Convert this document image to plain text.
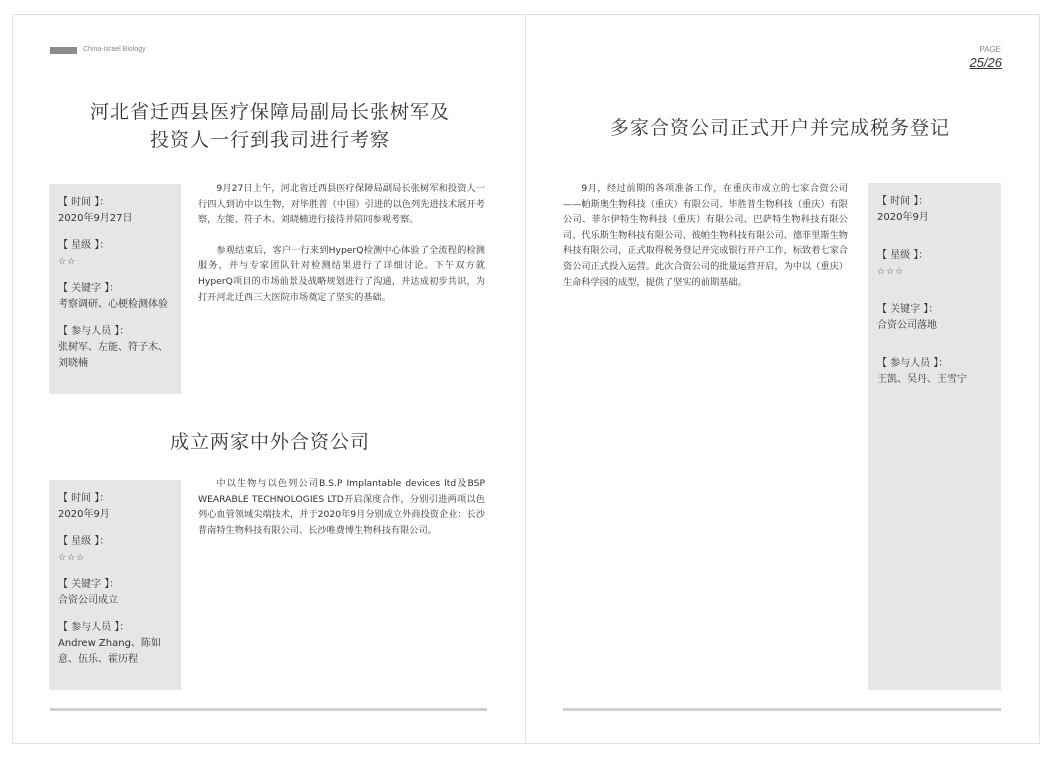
China-Israel Biology	PAGE
25/26
河北省迁西县医疗保障局副局长张树军及
投资人一行到我司进行考察
【 时间 】：
2020年9月27日
【 星级 】：
☆☆
【 关键字 】：
考察调研、心梗检测体验
【 参与人员 】：
张树军、左能、符子木、刘晓楠

9月27日上午，河北省迁西县医疗保障局副局长张树军和投资人一行四人到访中以生物，对毕胜普（中国）引进的以色列先进技术展开考察，左能、符子木、刘晓楠进行接待并陪同参观考察。

参观结束后，客户一行来到HyperQ检测中心体验了全流程的检测服务，并与专家团队针对检测结果进行了详细讨论。下午双方就HyperQ项目的市场前景及战略规划进行了沟通，并达成初步共识，为打开河北迁西三大医院市场奠定了坚实的基础。

成立两家中外合资公司
【 时间 】：
2020年9月
【 星级 】：
☆☆☆
【 关键字 】：
合资公司成立
【 参与人员 】：
Andrew Zhang、陈如意、伍乐、霍历程

中以生物与以色列公司B.S.P Implantable devices ltd及BSP WEARABLE TECHNOLOGIES LTD开启深度合作，分别引进两项以色列心血管领域尖端技术，并于2020年9月分别成立外商投资企业：长沙普南特生物科技有限公司、长沙唯费博生物科技有限公司。

多家合资公司正式开户并完成税务登记

9月，经过前期的各项准备工作，在重庆市成立的七家合资公司——帕斯奥生物科技（重庆）有限公司、毕胜普生物科技（重庆）有限公司、菲尔伊特生物科技（重庆）有限公司、巴萨特生物科技有限公司、代乐斯生物科技有限公司、彼帕生物科技有限公司、德菲里斯生物科技有限公司，正式取得税务登记并完成银行开户工作，标致着七家合资公司正式投入运营。此次合资公司的批量运营开启，为中以（重庆）生命科学园的成型，提供了坚实的前期基础。

【 时间 】：
2020年9月
【 星级 】：
☆☆☆
【 关键字 】：
合资公司落地
【 参与人员 】：
王凯、吴丹、王雪宁
